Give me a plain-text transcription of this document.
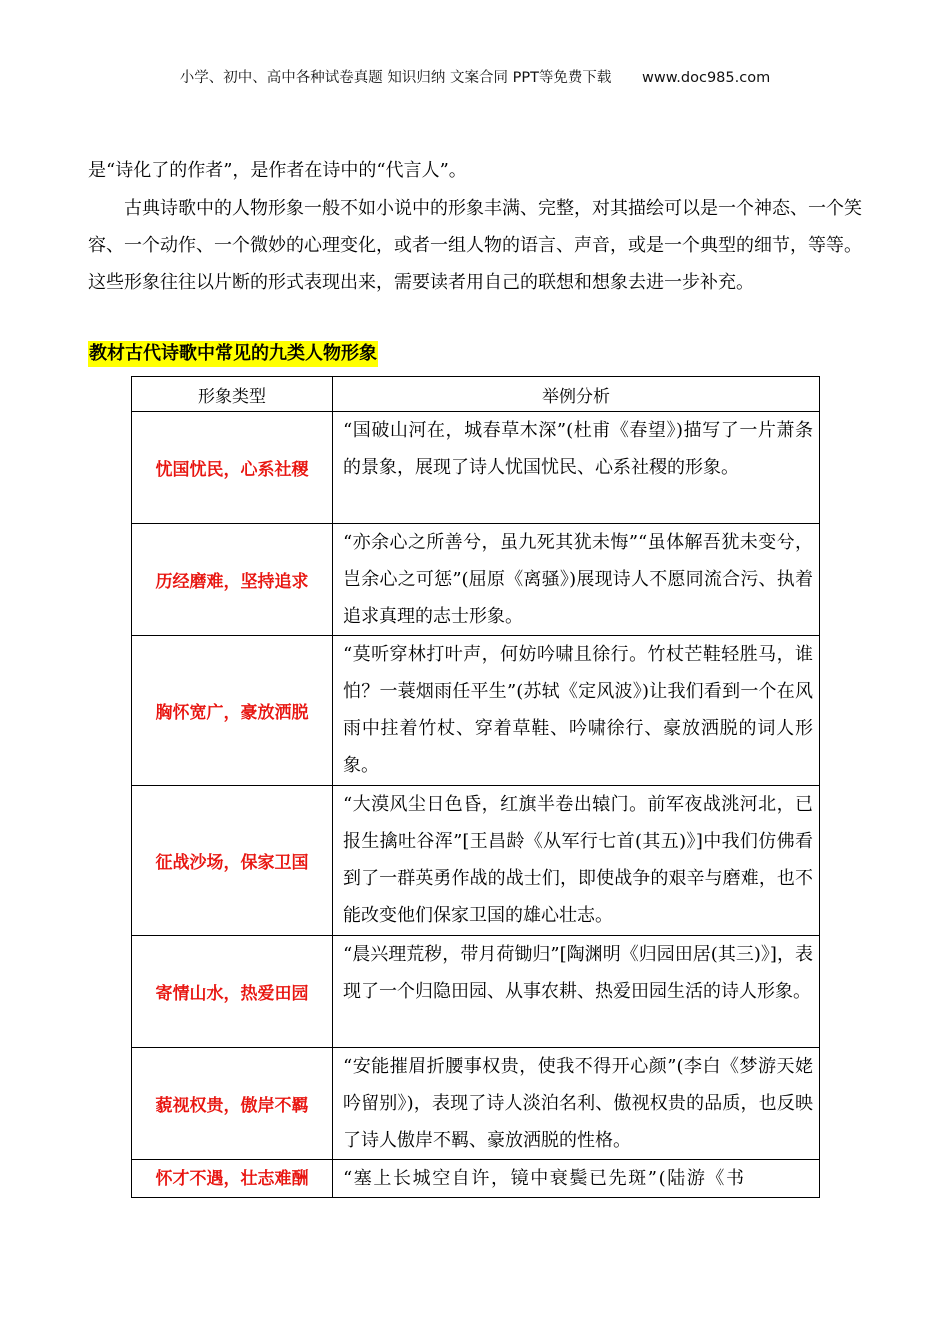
小学、初中、高中各种试卷真题 知识归纳 文案合同 PPT等免费下载 www.doc985.com
是“诗化了的作者”，是作者在诗中的“代言人”。
古典诗歌中的人物形象一般不如小说中的形象丰满、完整，对其描绘可以是一个神态、一个笑容、一个动作、一个微妙的心理变化，或者一组人物的语言、声音，或是一个典型的细节，等等。这些形象往往以片断的形式表现出来，需要读者用自己的联想和想象去进一步补充。
教材古代诗歌中常见的九类人物形象
形象类型	举例分析
忧国忧民，心系社稷	“国破山河在，城春草木深”(杜甫《春望》)描写了一片萧条的景象，展现了诗人忧国忧民、心系社稷的形象。
历经磨难，坚持追求	“亦余心之所善兮，虽九死其犹未悔”“虽体解吾犹未变兮，岂余心之可惩”(屈原《离骚》)展现诗人不愿同流合污、执着追求真理的志士形象。
胸怀宽广，豪放洒脱	“莫听穿林打叶声，何妨吟啸且徐行。竹杖芒鞋轻胜马，谁怕？一蓑烟雨任平生”(苏轼《定风波》)让我们看到一个在风雨中拄着竹杖、穿着草鞋、吟啸徐行、豪放洒脱的词人形象。
征战沙场，保家卫国	“大漠风尘日色昏，红旗半卷出辕门。前军夜战洮河北，已报生擒吐谷浑”[王昌龄《从军行七首(其五)》]中我们仿佛看到了一群英勇作战的战士们，即使战争的艰辛与磨难，也不能改变他们保家卫国的雄心壮志。
寄情山水，热爱田园	“晨兴理荒秽，带月荷锄归”[陶渊明《归园田居(其三)》]，表现了一个归隐田园、从事农耕、热爱田园生活的诗人形象。
藐视权贵，傲岸不羁	“安能摧眉折腰事权贵，使我不得开心颜”(李白《梦游天姥吟留别》)，表现了诗人淡泊名利、傲视权贵的品质，也反映了诗人傲岸不羁、豪放洒脱的性格。
怀才不遇，壮志难酬	“塞上长城空自许，镜中衰鬓已先斑”(陆游《书
